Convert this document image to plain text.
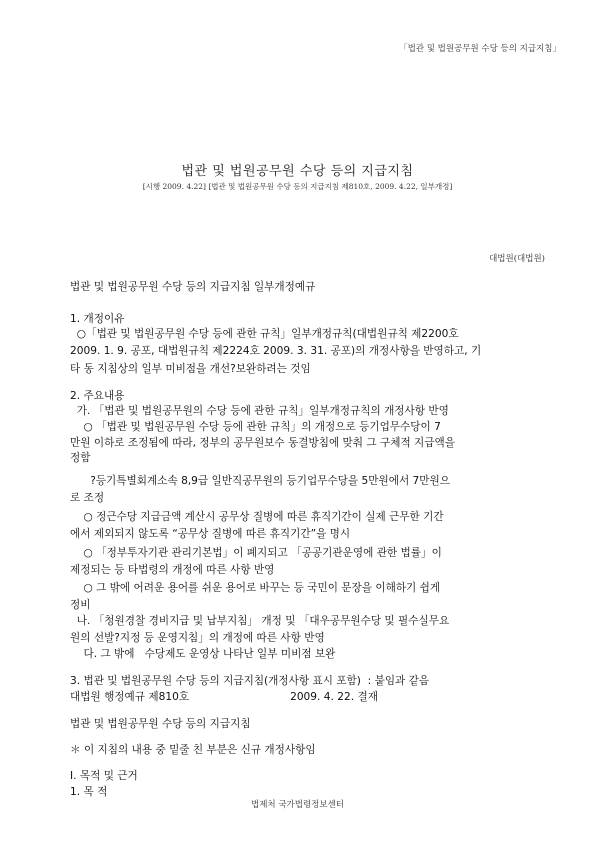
「법관 및 법원공무원 수당 등의 지급지침」
법관 및 법원공무원 수당 등의 지급지침
[시행 2009. 4.22] [법관 및 법원공무원 수당 등의 지급지침 제810호, 2009. 4.22, 일부개정]
대법원(대법원)
법관 및 법원공무원 수당 등의 지급지침 일부개정예규
1. 개정이유
○「법관 및 법원공무원 수당 등에 관한 규칙」일부개정규칙(대법원규칙 제2200호
2009. 1. 9. 공포, 대법원규칙 제2224호 2009. 3. 31. 공포)의 개정사항을 반영하고, 기
타 동 지침상의 일부 미비점을 개선?보완하려는 것임
2. 주요내용
가. 「법관 및 법원공무원의 수당 등에 관한 규칙」일부개정규칙의 개정사항 반영
○ 「법관 및 법원공무원 수당 등에 관한 규칙」의 개정으로 등기업무수당이 7
만원 이하로 조정됨에 따라, 정부의 공무원보수 동결방침에 맞춰 그 구체적 지급액을
정함
?등기특별회계소속 8,9급 일반직공무원의 등기업무수당을 5만원에서 7만원으
로 조정
○ 정근수당 지급금액 계산시 공무상 질병에 따른 휴직기간이 실제 근무한 기간
에서 제외되지 않도록 “공무상 질병에 따른 휴직기간”을 명시
○ 「정부투자기관 관리기본법」이 폐지되고 「공공기관운영에 관한 법률」이
제정되는 등 타법령의 개정에 따른 사항 반영
○ 그 밖에 어려운 용어를 쉬운 용어로 바꾸는 등 국민이 문장을 이해하기 쉽게
정비
나. 「청원경찰 경비지급 및 납부지침」 개정 및 「대우공무원수당 및 필수실무요
원의 선발?지정 등 운영지침」의 개정에 따른 사항 반영
다. 그 밖에   수당제도 운영상 나타난 일부 미비점 보완
3. 법관 및 법원공무원 수당 등의 지급지침(개정사항 표시 포함)  : 붙임과 같음
대법원 행정예규 제810호                              2009. 4. 22. 결재
법관 및 법원공무원 수당 등의 지급지침
＊ 이 지침의 내용 중 밑줄 친 부분은 신규 개정사항임
Ⅰ. 목적 및 근거
1. 목 적
법제처 국가법령정보센터
